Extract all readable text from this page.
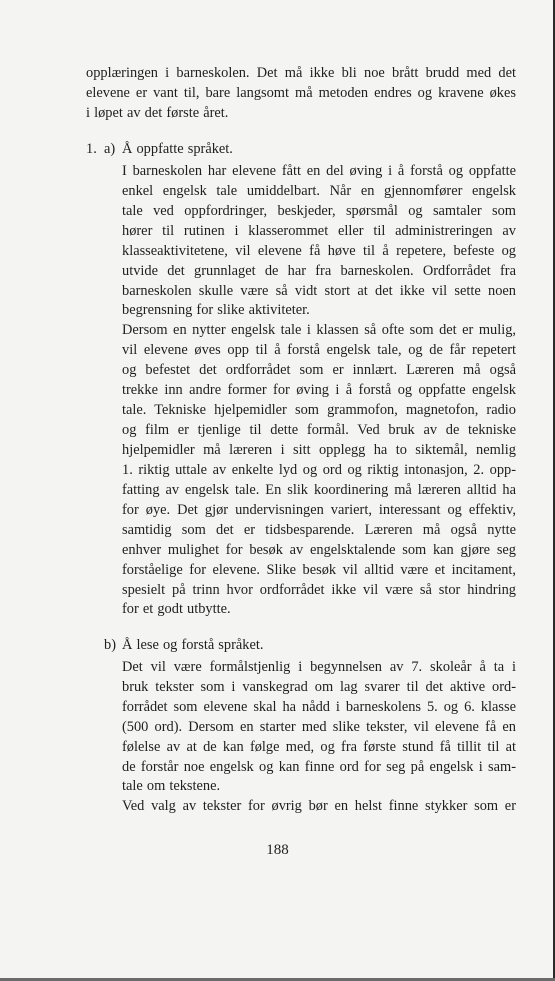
opplæringen i barneskolen. Det må ikke bli noe brått brudd med det
elevene er vant til, bare langsomt må metoden endres og kravene økes
i løpet av det første året.
1. a) Å oppfatte språket.
I barneskolen har elevene fått en del øving i å forstå og oppfatte
enkel engelsk tale umiddelbart. Når en gjennomfører engelsk
tale ved oppfordringer, beskjeder, spørsmål og samtaler som
hører til rutinen i klasserommet eller til administreringen av
klasseaktivitetene, vil elevene få høve til å repetere, befeste og
utvide det grunnlaget de har fra barneskolen. Ordforrådet fra
barneskolen skulle være så vidt stort at det ikke vil sette noen
begrensning for slike aktiviteter.
Dersom en nytter engelsk tale i klassen så ofte som det er mulig,
vil elevene øves opp til å forstå engelsk tale, og de får repetert
og befestet det ordforrådet som er innlært. Læreren må også
trekke inn andre former for øving i å forstå og oppfatte engelsk
tale. Tekniske hjelpemidler som grammofon, magnetofon, radio
og film er tjenlige til dette formål. Ved bruk av de tekniske
hjelpemidler må læreren i sitt opplegg ha to siktemål, nemlig
1. riktig uttale av enkelte lyd og ord og riktig intonasjon, 2. opp-
fatting av engelsk tale. En slik koordinering må læreren alltid ha
for øye. Det gjør undervisningen variert, interessant og effektiv,
samtidig som det er tidsbesparende. Læreren må også nytte
enhver mulighet for besøk av engelsktalende som kan gjøre seg
forståelige for elevene. Slike besøk vil alltid være et incitament,
spesielt på trinn hvor ordforrådet ikke vil være så stor hindring
for et godt utbytte.
b) Å lese og forstå språket.
Det vil være formålstjenlig i begynnelsen av 7. skoleår å ta i
bruk tekster som i vanskegrad om lag svarer til det aktive ord-
forrådet som elevene skal ha nådd i barneskolens 5. og 6. klasse
(500 ord). Dersom en starter med slike tekster, vil elevene få en
følelse av at de kan følge med, og fra første stund få tillit til at
de forstår noe engelsk og kan finne ord for seg på engelsk i sam-
tale om tekstene.
Ved valg av tekster for øvrig bør en helst finne stykker som er
188
